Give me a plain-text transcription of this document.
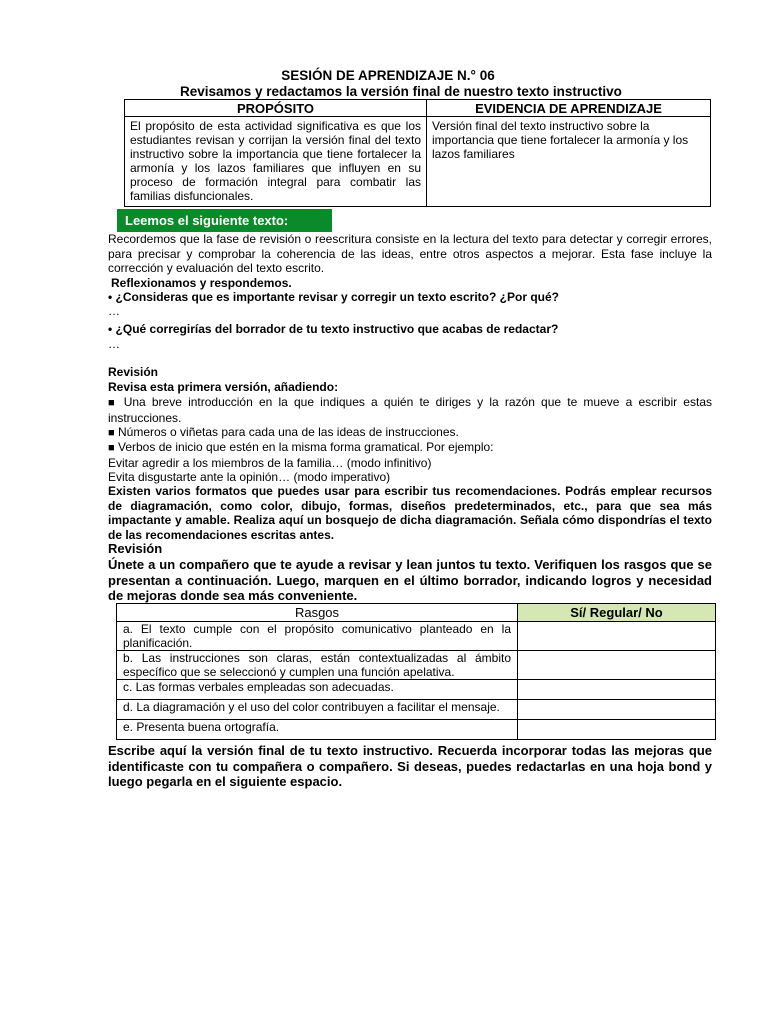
SESIÓN DE APRENDIZAJE N.° 06
Revisamos y redactamos la versión final de nuestro texto instructivo
PROPÓSITO	EVIDENCIA DE APRENDIZAJE
El propósito de esta actividad significativa es que los estudiantes revisan y corrijan la versión final del texto instructivo sobre la importancia que tiene fortalecer la armonía y los lazos familiares que influyen en su proceso de formación integral para combatir las familias disfuncionales.	Versión final del texto instructivo sobre la importancia que tiene fortalecer la armonía y los lazos familiares
Leemos el siguiente texto:
Recordemos que la fase de revisión o reescritura consiste en la lectura del texto para detectar y corregir errores, para precisar y comprobar la coherencia de las ideas, entre otros aspectos a mejorar. Esta fase incluye la corrección y evaluación del texto escrito.
Reflexionamos y respondemos.
• ¿Consideras que es importante revisar y corregir un texto escrito? ¿Por qué?
…
• ¿Qué corregirías del borrador de tu texto instructivo que acabas de redactar?
…
Revisión
Revisa esta primera versión, añadiendo:
■ Una breve introducción en la que indiques a quién te diriges y la razón que te mueve a escribir estas instrucciones.
■ Números o viñetas para cada una de las ideas de instrucciones.
■ Verbos de inicio que estén en la misma forma gramatical. Por ejemplo:
Evitar agredir a los miembros de la familia… (modo infinitivo)
Evita disgustarte ante la opinión… (modo imperativo)
Existen varios formatos que puedes usar para escribir tus recomendaciones. Podrás emplear recursos de diagramación, como color, dibujo, formas, diseños predeterminados, etc., para que sea más impactante y amable. Realiza aquí un bosquejo de dicha diagramación. Señala cómo dispondrías el texto de las recomendaciones escritas antes.
Revisión
Únete a un compañero que te ayude a revisar y lean juntos tu texto. Verifiquen los rasgos que se presentan a continuación. Luego, marquen en el último borrador, indicando logros y necesidad de mejoras donde sea más conveniente.
Rasgos	Sí/ Regular/ No
a. El texto cumple con el propósito comunicativo planteado en la planificación.	
b. Las instrucciones son claras, están contextualizadas al ámbito específico que se seleccionó y cumplen una función apelativa.	
c. Las formas verbales empleadas son adecuadas.	
d. La diagramación y el uso del color contribuyen a facilitar el mensaje.	
e. Presenta buena ortografía.	
Escribe aquí la versión final de tu texto instructivo. Recuerda incorporar todas las mejoras que identificaste con tu compañera o compañero. Si deseas, puedes redactarlas en una hoja bond y luego pegarla en el siguiente espacio.
